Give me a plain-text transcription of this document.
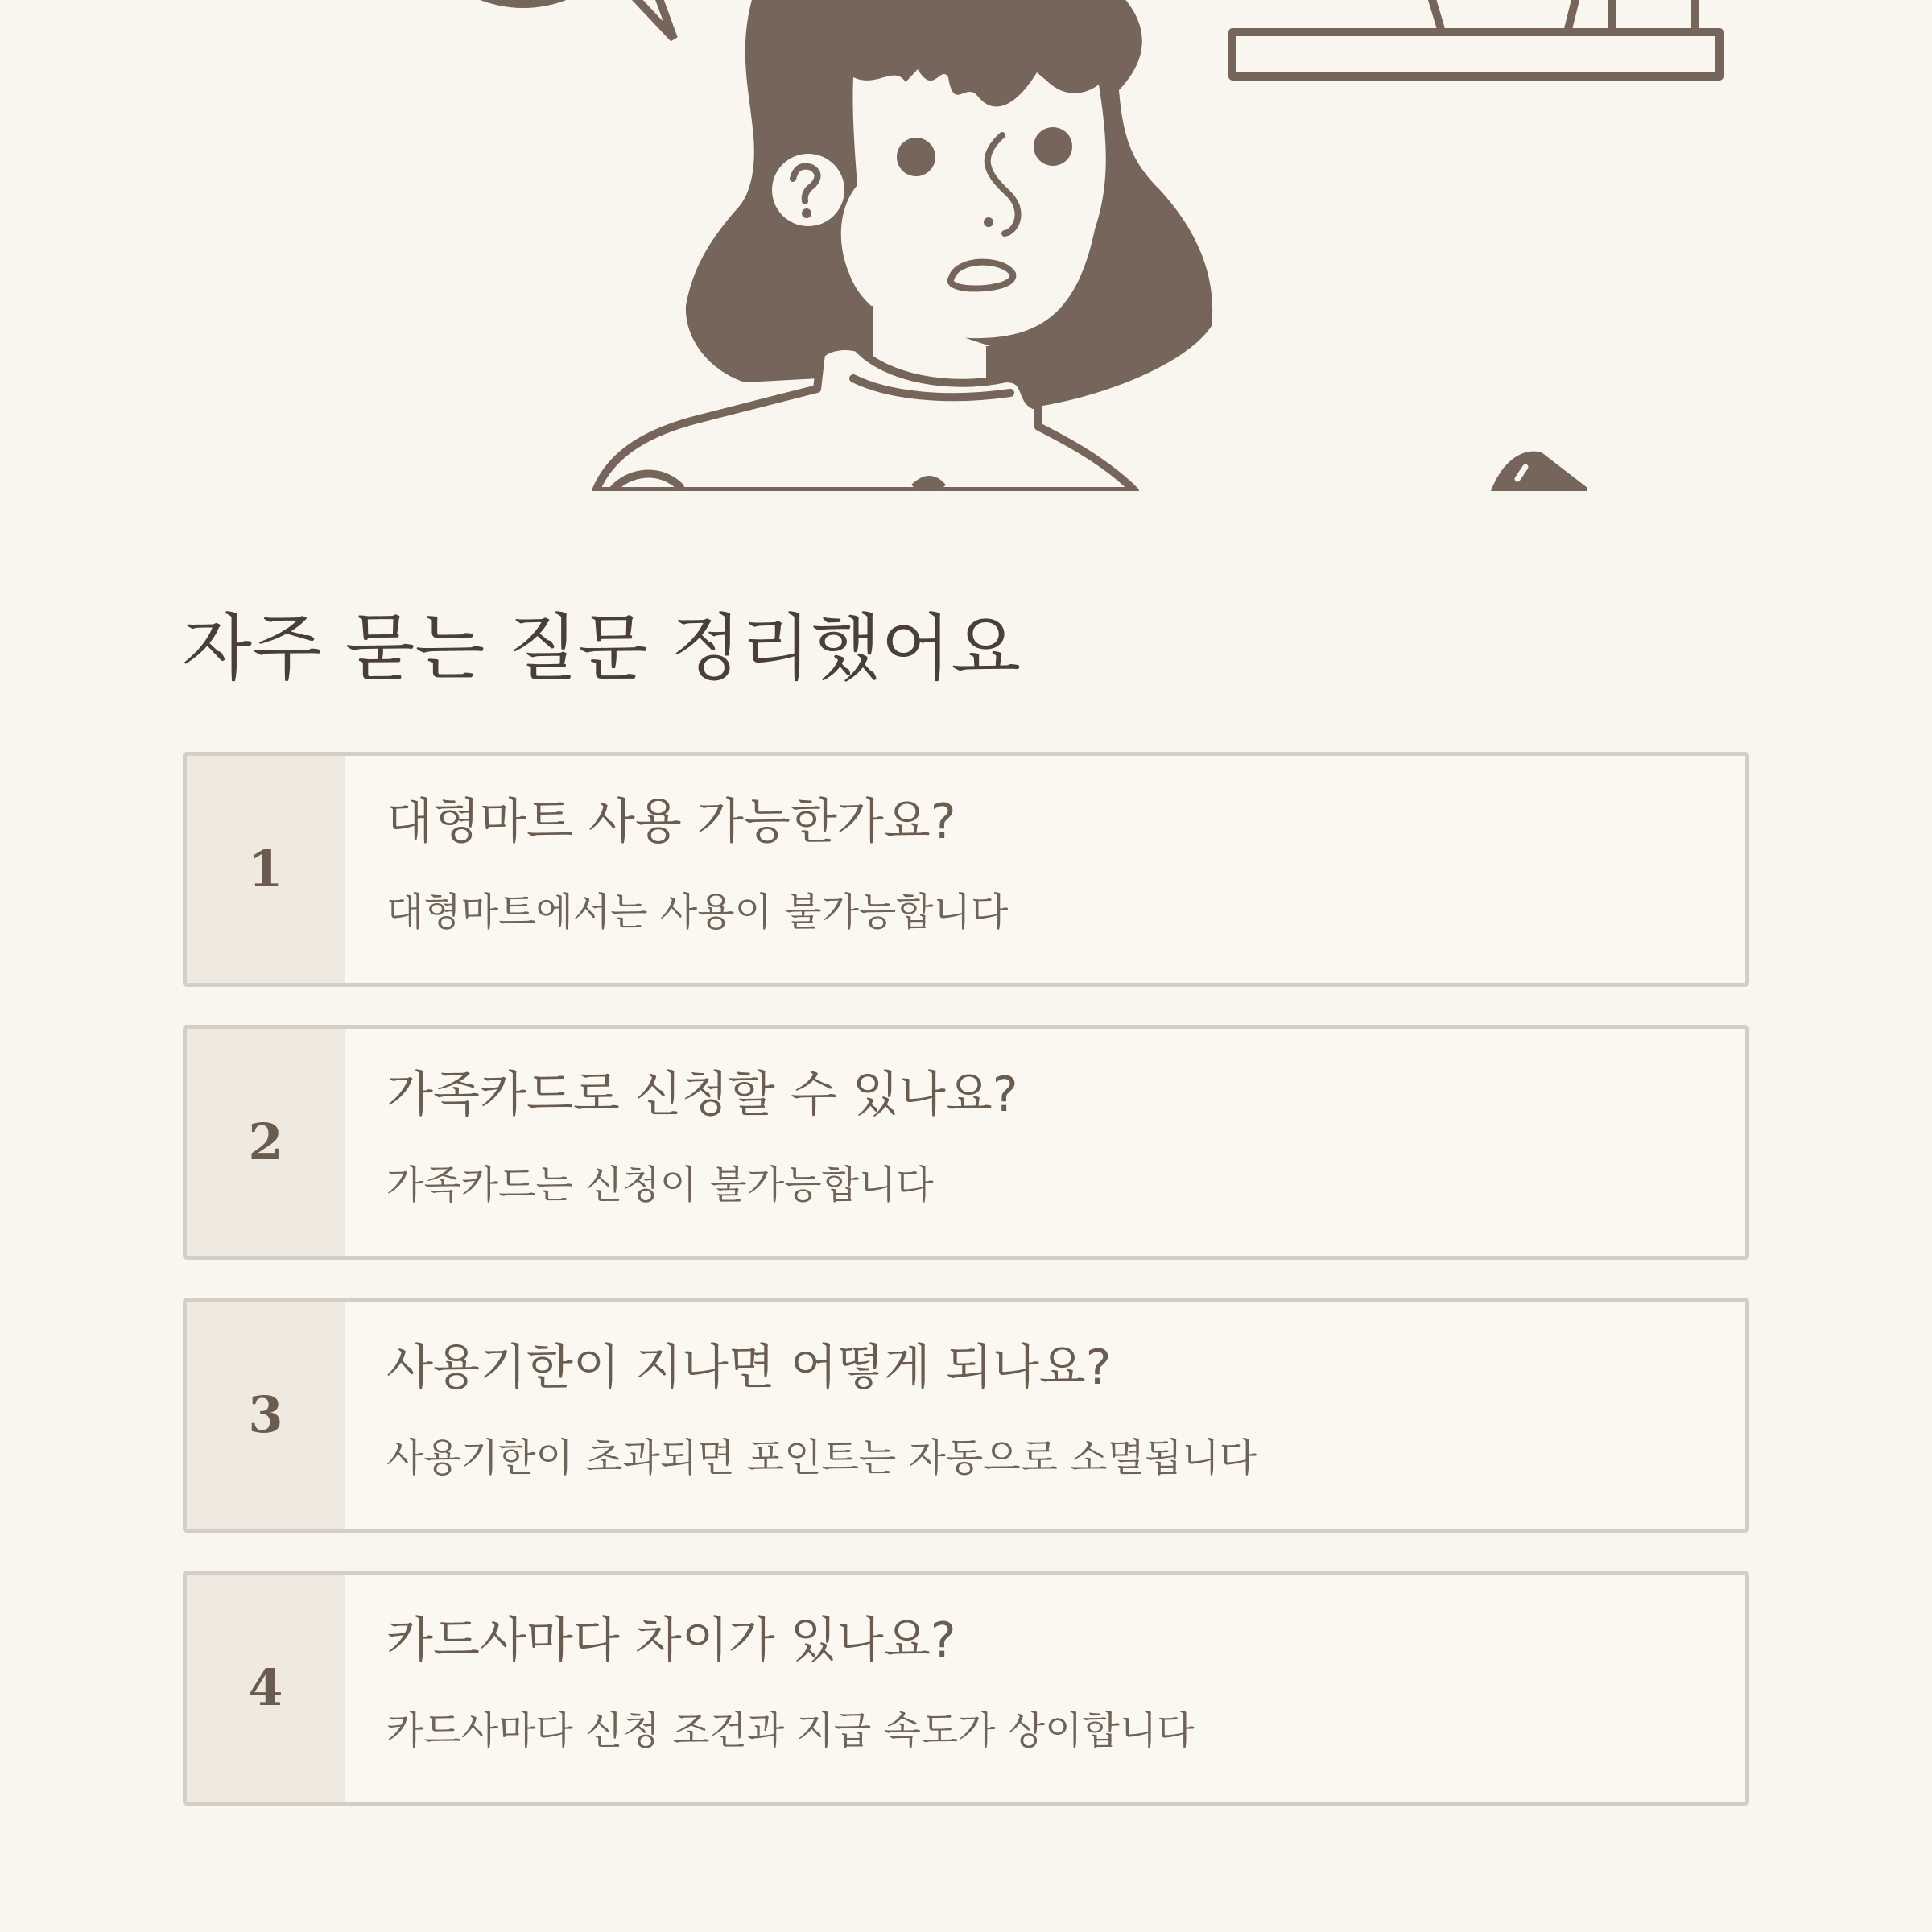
자주 묻는 질문 정리했어요
1
대형마트 사용 가능한가요?
대형마트에서는 사용이 불가능합니다
2
가족카드로 신청할 수 있나요?
가족카드는 신청이 불가능합니다
3
사용기한이 지나면 어떻게 되나요?
사용기한이 초과되면 포인트는 자동으로 소멸됩니다
4
카드사마다 차이가 있나요?
카드사마다 신청 조건과 지급 속도가 상이합니다
